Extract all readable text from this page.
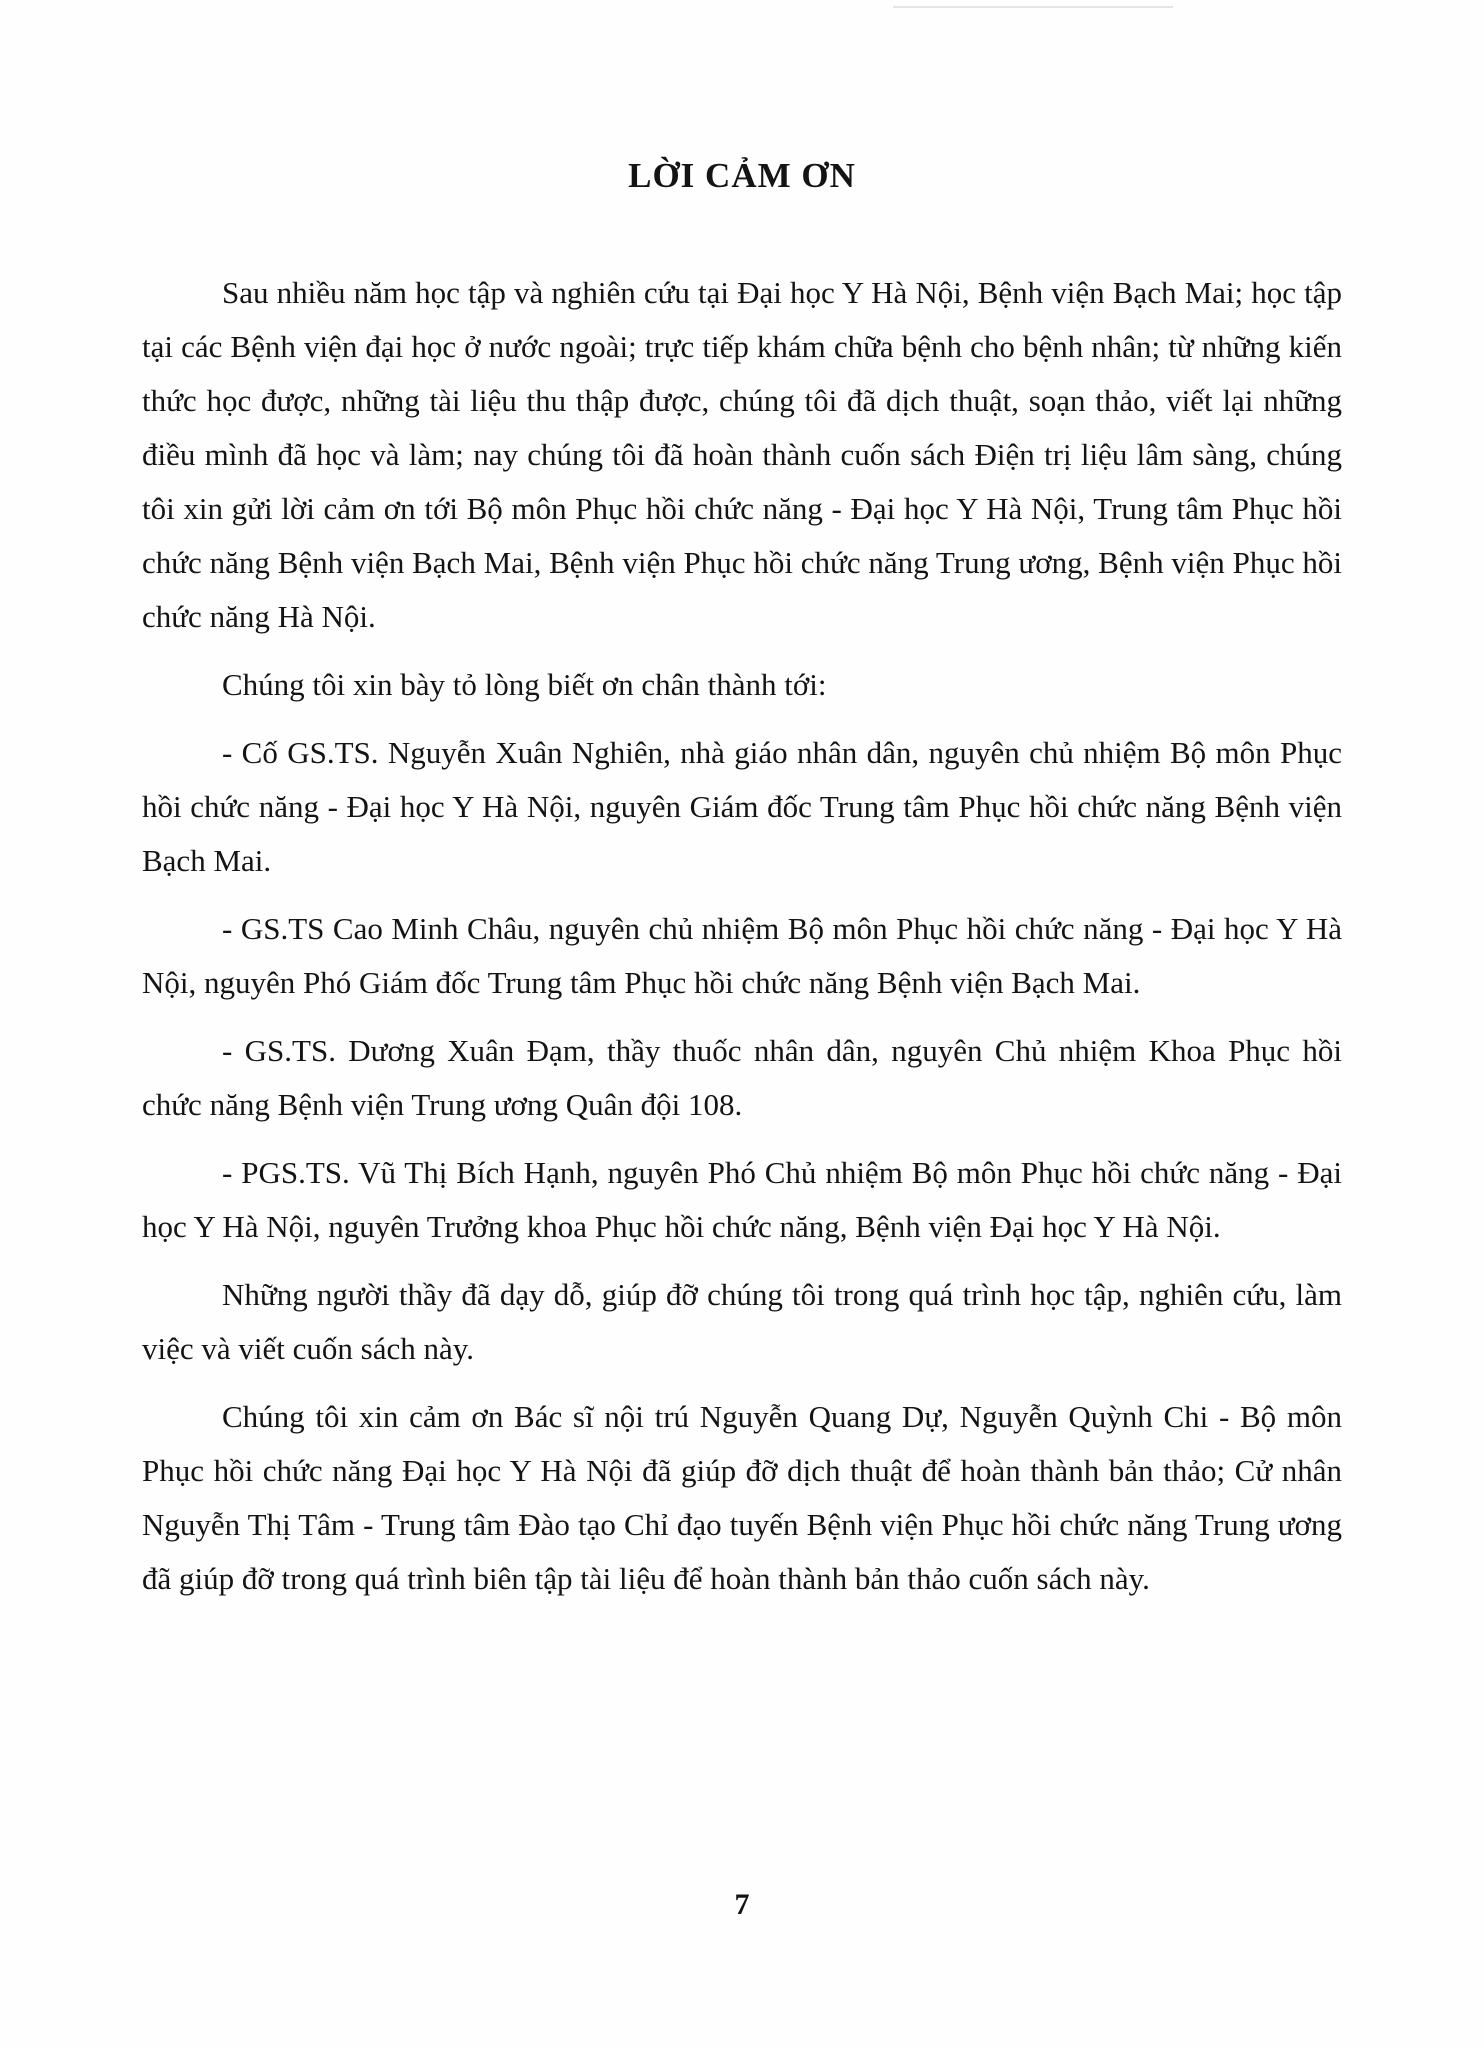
LỜI CẢM ƠN

Sau nhiều năm học tập và nghiên cứu tại Đại học Y Hà Nội, Bệnh viện Bạch Mai; học tập tại các Bệnh viện đại học ở nước ngoài; trực tiếp khám chữa bệnh cho bệnh nhân; từ những kiến thức học được, những tài liệu thu thập được, chúng tôi đã dịch thuật, soạn thảo, viết lại những điều mình đã học và làm; nay chúng tôi đã hoàn thành cuốn sách Điện trị liệu lâm sàng, chúng tôi xin gửi lời cảm ơn tới Bộ môn Phục hồi chức năng - Đại học Y Hà Nội, Trung tâm Phục hồi chức năng Bệnh viện Bạch Mai, Bệnh viện Phục hồi chức năng Trung ương, Bệnh viện Phục hồi chức năng Hà Nội.

Chúng tôi xin bày tỏ lòng biết ơn chân thành tới:

- Cố GS.TS. Nguyễn Xuân Nghiên, nhà giáo nhân dân, nguyên chủ nhiệm Bộ môn Phục hồi chức năng - Đại học Y Hà Nội, nguyên Giám đốc Trung tâm Phục hồi chức năng Bệnh viện Bạch Mai.

- GS.TS Cao Minh Châu, nguyên chủ nhiệm Bộ môn Phục hồi chức năng - Đại học Y Hà Nội, nguyên Phó Giám đốc Trung tâm Phục hồi chức năng Bệnh viện Bạch Mai.

- GS.TS. Dương Xuân Đạm, thầy thuốc nhân dân, nguyên Chủ nhiệm Khoa Phục hồi chức năng Bệnh viện Trung ương Quân đội 108.

- PGS.TS. Vũ Thị Bích Hạnh, nguyên Phó Chủ nhiệm Bộ môn Phục hồi chức năng - Đại học Y Hà Nội, nguyên Trưởng khoa Phục hồi chức năng, Bệnh viện Đại học Y Hà Nội.

Những người thầy đã dạy dỗ, giúp đỡ chúng tôi trong quá trình học tập, nghiên cứu, làm việc và viết cuốn sách này.

Chúng tôi xin cảm ơn Bác sĩ nội trú Nguyễn Quang Dự, Nguyễn Quỳnh Chi - Bộ môn Phục hồi chức năng Đại học Y Hà Nội đã giúp đỡ dịch thuật để hoàn thành bản thảo; Cử nhân Nguyễn Thị Tâm - Trung tâm Đào tạo Chỉ đạo tuyến Bệnh viện Phục hồi chức năng Trung ương đã giúp đỡ trong quá trình biên tập tài liệu để hoàn thành bản thảo cuốn sách này.

7
